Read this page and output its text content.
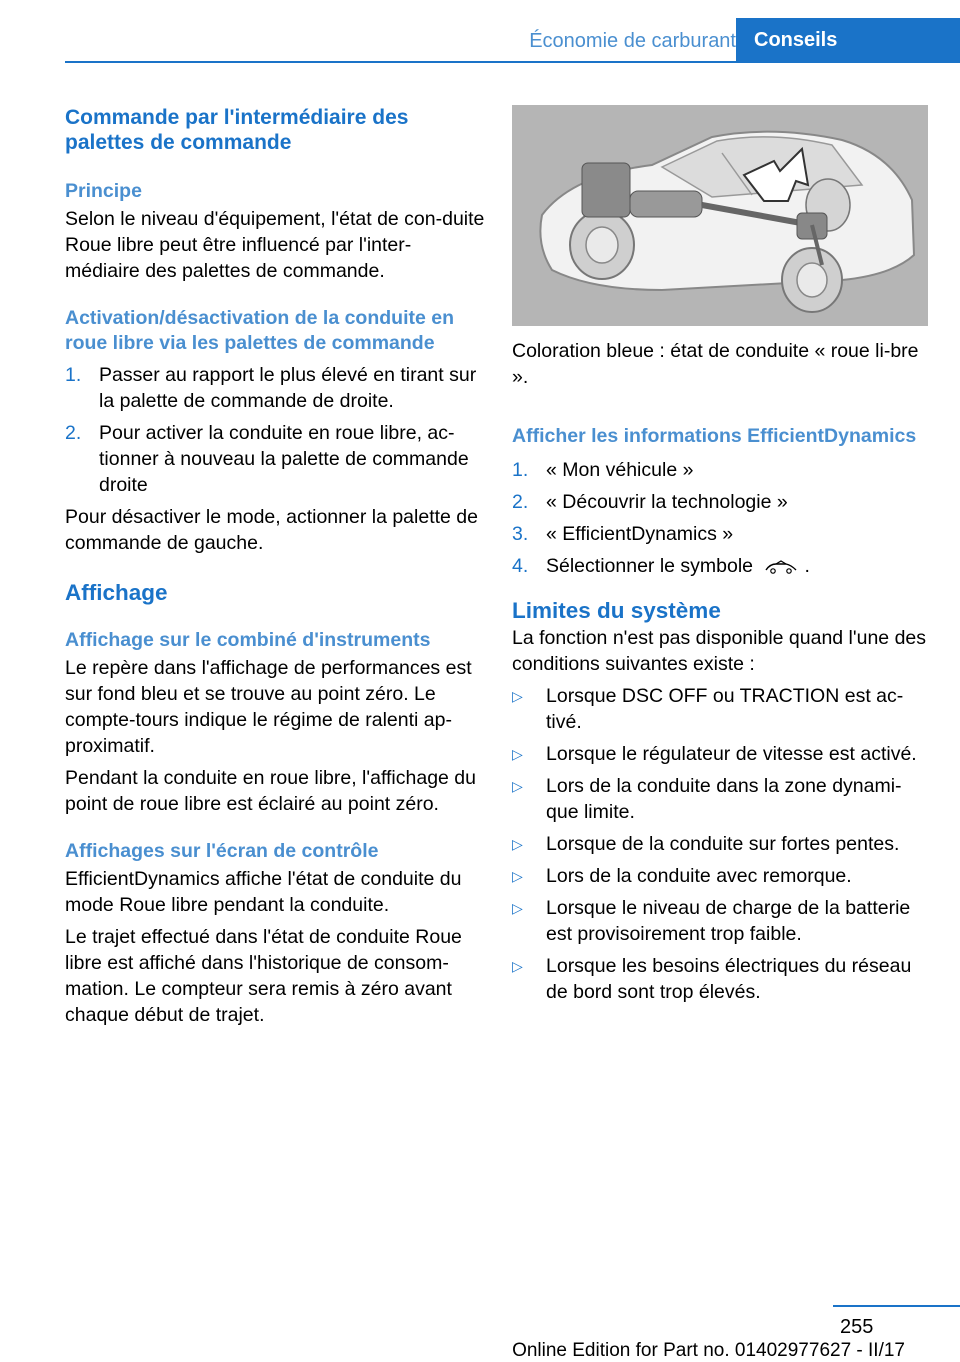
Économie de carburant Conseils
Commande par l'intermédiaire des palettes de commande
Principe

Selon le niveau d'équipement, l'état de con‐duite Roue libre peut être influencé par l'inter‐médiaire des palettes de commande.

Activation/désactivation de la conduite en roue libre via les palettes de commande
1. Passer au rapport le plus élevé en tirant sur la palette de commande de droite.
2. Pour activer la conduite en roue libre, ac‐tionner à nouveau la palette de commande droite

Pour désactiver le mode, actionner la palette de commande de gauche.

Affichage
Affichage sur le combiné d'instruments

Le repère dans l'affichage de performances est sur fond bleu et se trouve au point zéro. Le compte-tours indique le régime de ralenti ap‐proximatif.

Pendant la conduite en roue libre, l'affichage du point de roue libre est éclairé au point zéro.

Affichages sur l'écran de contrôle

EfficientDynamics affiche l'état de conduite du mode Roue libre pendant la conduite.

Le trajet effectué dans l'état de conduite Roue libre est affiché dans l'historique de consom‐mation. Le compteur sera remis à zéro avant chaque début de trajet.

Coloration bleue : état de conduite « roue li‐bre ».

Afficher les informations EfficientDynamics
1. « Mon véhicule »
2. « Découvrir la technologie »
3. « EfficientDynamics »
4. Sélectionner le symbole	.
Limites du système

La fonction n'est pas disponible quand l'une des conditions suivantes existe :

▷ Lorsque DSC OFF ou TRACTION est ac‐tivé.
▷ Lorsque le régulateur de vitesse est activé.
▷ Lors de la conduite dans la zone dynami‐que limite.
▷ Lorsque de la conduite sur fortes pentes.
▷ Lors de la conduite avec remorque.
▷ Lorsque le niveau de charge de la batterie est provisoirement trop faible.
▷ Lorsque les besoins électriques du réseau de bord sont trop élevés.
255
Online Edition for Part no. 01402977627 - II/17
